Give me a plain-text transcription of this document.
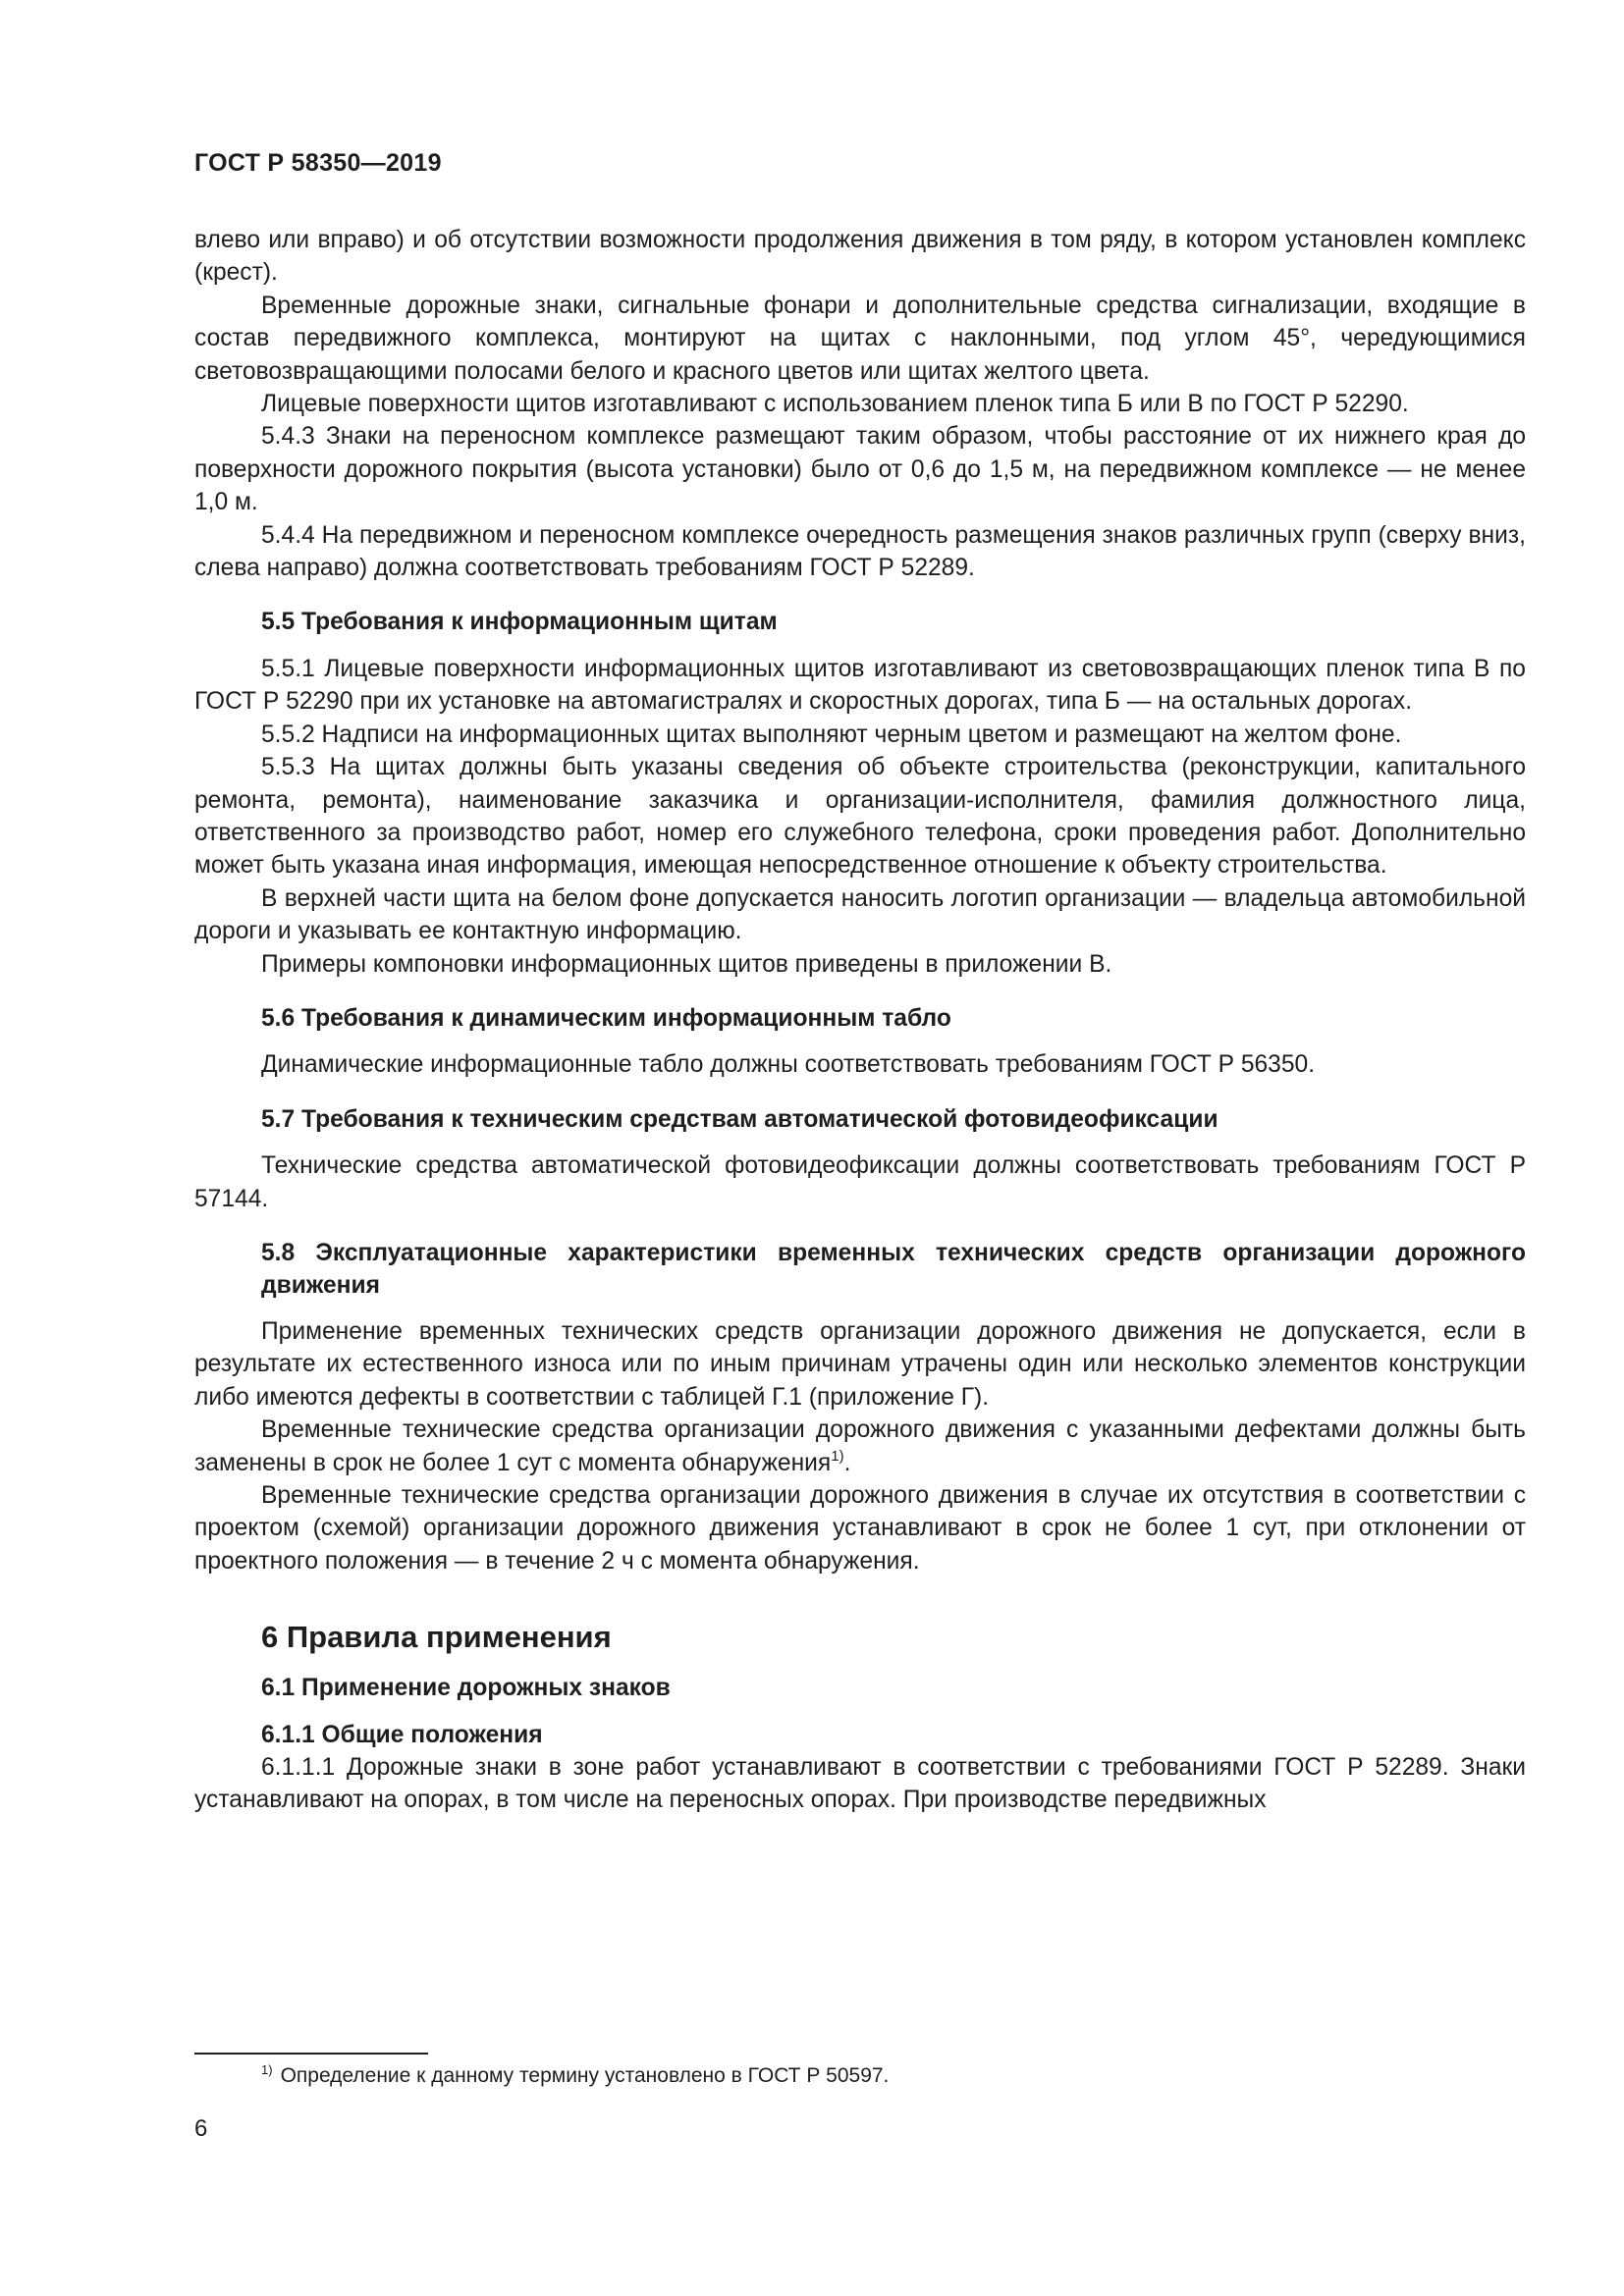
ГОСТ Р 58350—2019

влево или вправо) и об отсутствии возможности продолжения движения в том ряду, в котором установлен комплекс (крест).

Временные дорожные знаки, сигнальные фонари и дополнительные средства сигнализации, входящие в состав передвижного комплекса, монтируют на щитах с наклонными, под углом 45°, чередующимися световозвращающими полосами белого и красного цветов или щитах желтого цвета.

Лицевые поверхности щитов изготавливают с использованием пленок типа Б или В по ГОСТ Р 52290.

5.4.3 Знаки на переносном комплексе размещают таким образом, чтобы расстояние от их нижнего края до поверхности дорожного покрытия (высота установки) было от 0,6 до 1,5 м, на передвижном комплексе — не менее 1,0 м.

5.4.4 На передвижном и переносном комплексе очередность размещения знаков различных групп (сверху вниз, слева направо) должна соответствовать требованиям ГОСТ Р 52289.

5.5 Требования к информационным щитам

5.5.1 Лицевые поверхности информационных щитов изготавливают из световозвращающих пленок типа В по ГОСТ Р 52290 при их установке на автомагистралях и скоростных дорогах, типа Б — на остальных дорогах.

5.5.2 Надписи на информационных щитах выполняют черным цветом и размещают на желтом фоне.

5.5.3 На щитах должны быть указаны сведения об объекте строительства (реконструкции, капитального ремонта, ремонта), наименование заказчика и организации-исполнителя, фамилия должностного лица, ответственного за производство работ, номер его служебного телефона, сроки проведения работ. Дополнительно может быть указана иная информация, имеющая непосредственное отношение к объекту строительства.

В верхней части щита на белом фоне допускается наносить логотип организации — владельца автомобильной дороги и указывать ее контактную информацию.

Примеры компоновки информационных щитов приведены в приложении В.

5.6 Требования к динамическим информационным табло

Динамические информационные табло должны соответствовать требованиям ГОСТ Р 56350.

5.7 Требования к техническим средствам автоматической фотовидеофиксации

Технические средства автоматической фотовидеофиксации должны соответствовать требованиям ГОСТ Р 57144.

5.8 Эксплуатационные характеристики временных технических средств организации дорожного движения

Применение временных технических средств организации дорожного движения не допускается, если в результате их естественного износа или по иным причинам утрачены один или несколько элементов конструкции либо имеются дефекты в соответствии с таблицей Г.1 (приложение Г).

Временные технические средства организации дорожного движения с указанными дефектами должны быть заменены в срок не более 1 сут с момента обнаружения$^{1)}$.

Временные технические средства организации дорожного движения в случае их отсутствия в соответствии с проектом (схемой) организации дорожного движения устанавливают в срок не более 1 сут, при отклонении от проектного положения — в течение 2 ч с момента обнаружения.

6 Правила применения
6.1 Применение дорожных знаков
6.1.1 Общие положения

6.1.1.1 Дорожные знаки в зоне работ устанавливают в соответствии с требованиями ГОСТ Р 52289. Знаки устанавливают на опорах, в том числе на переносных опорах. При производстве передвижных

$^{1)}$ Определение к данному термину установлено в ГОСТ Р 50597.
6
